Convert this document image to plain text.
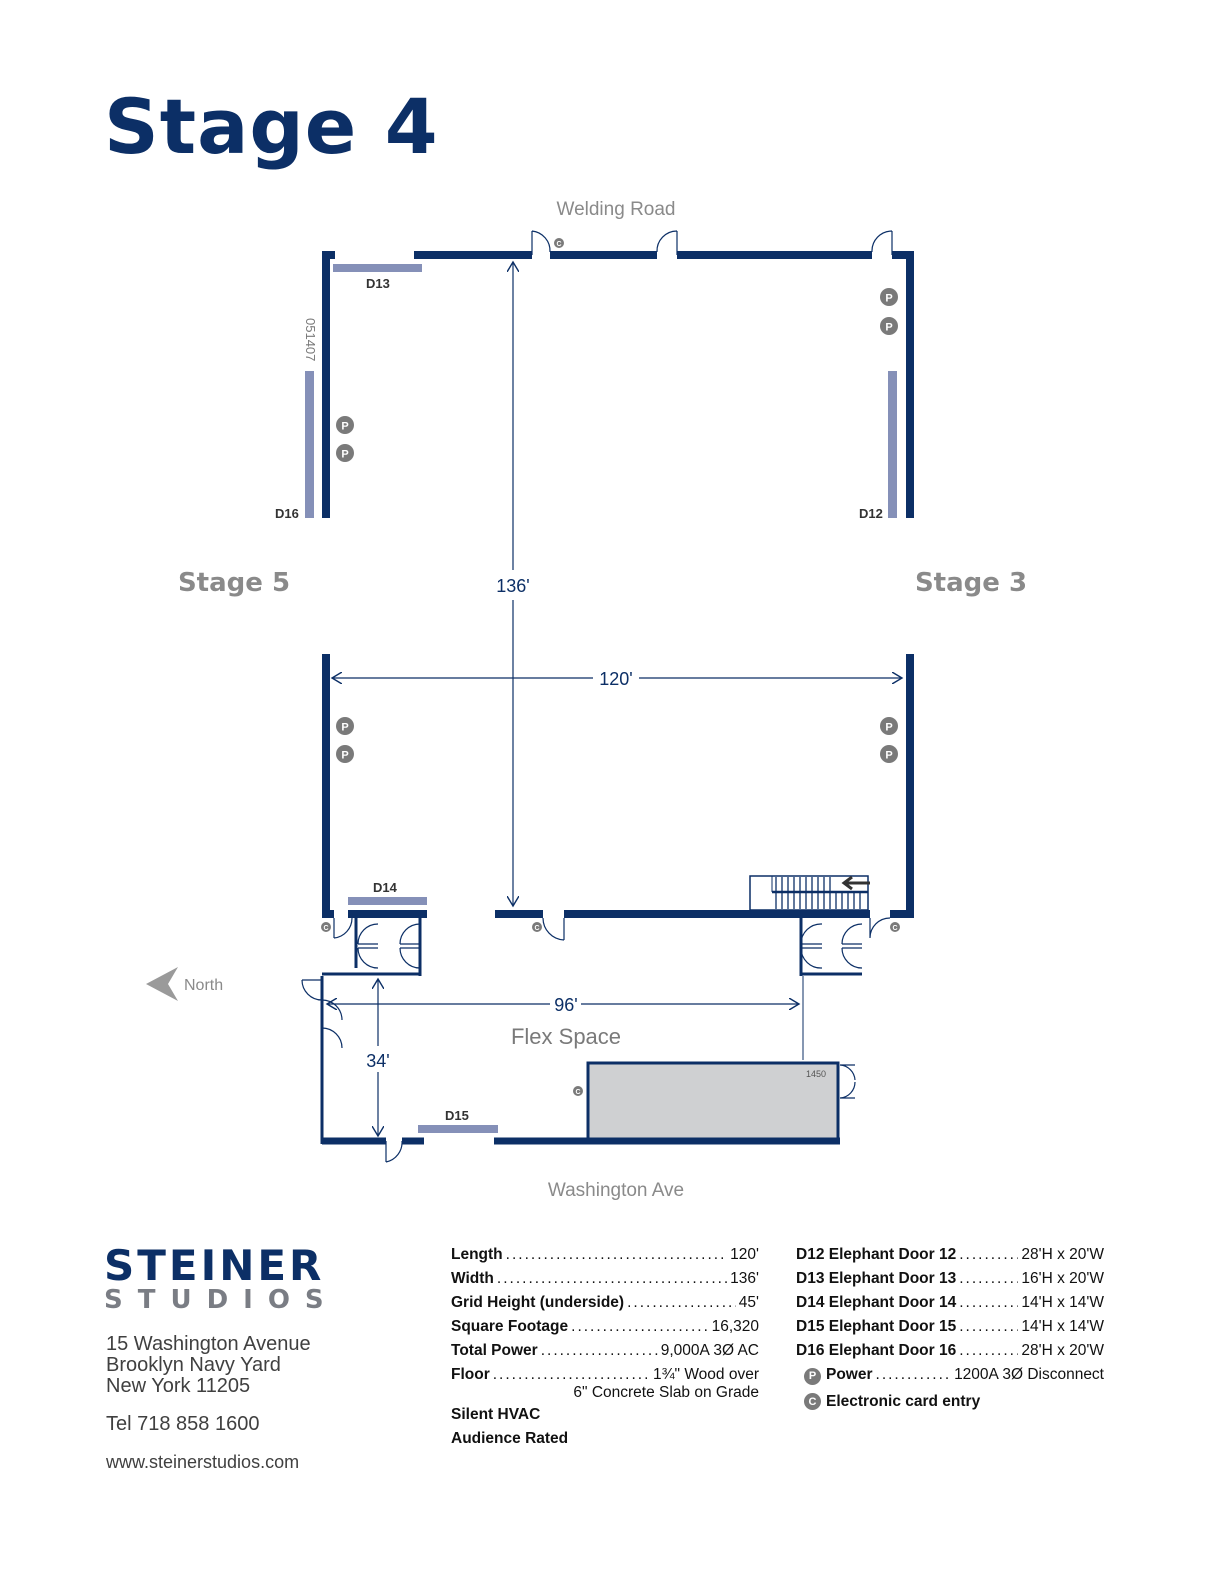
Stage 4
Welding Road
Washington Ave
1450
D13
D16	D12
D14
D15
051407
P
P
P
P
P
P
P
P
C
C	C	C
C
136'
120'
96'
34'
Stage 5	Stage 3
Flex Space
North
STEINER
STUDIOS
15 Washington Avenue
Brooklyn Navy Yard
New York 11205
Tel 718 858 1600
www.steinerstudios.com
Length .....	120'
Width .....	136'
Grid Height (underside) .....	45'
Square Footage .....	16,320
Total Power .....	9,000A 3Ø AC
Floor .....	1¾" Wood over
6" Concrete Slab on Grade
Silent HVAC
Audience Rated
D12 Elephant Door 12 .....	28'H x 20'W
D13 Elephant Door 13 .....	16'H x 20'W
D14 Elephant Door 14 .....	14'H x 14'W
D15 Elephant Door 15 .....	14'H x 14'W
D16 Elephant Door 16 .....	28'H x 20'W
P Power .....	1200A 3Ø Disconnect
C Electronic card entry
